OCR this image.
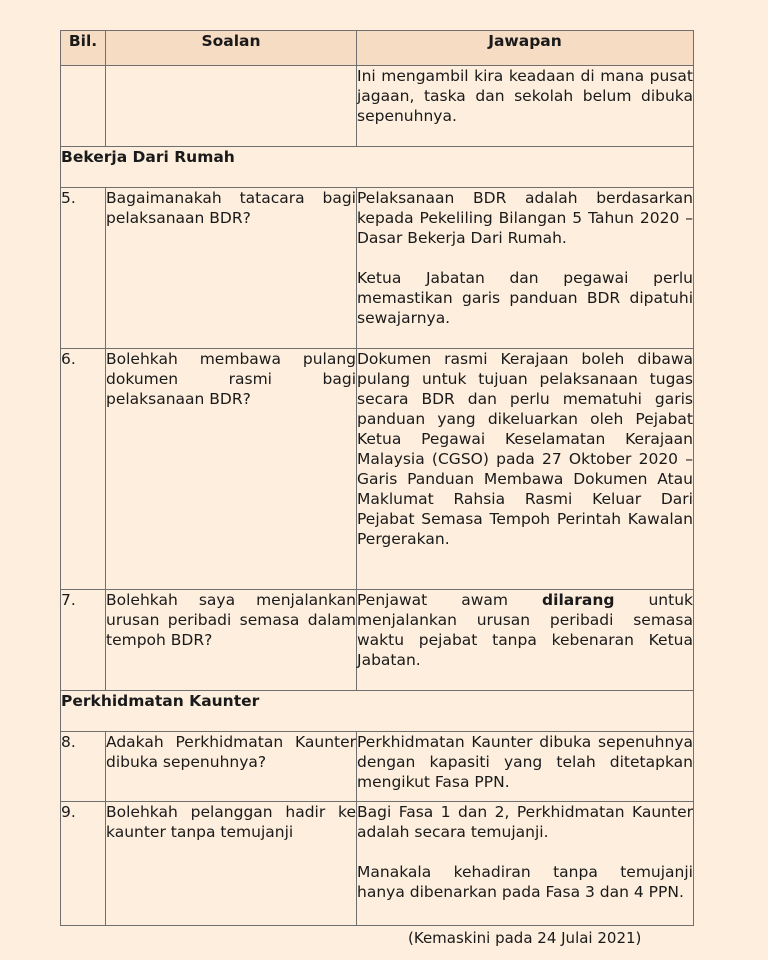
Bil.	Soalan	Jawapan
		Ini mengambil kira keadaan di mana pusat jagaan, taska dan sekolah belum dibuka sepenuhnya.
Bekerja Dari Rumah		
5.	Bagaimanakah tatacara bagi pelaksanaan BDR?	Pelaksanaan BDR adalah berdasarkan kepada Pekeliling Bilangan 5 Tahun 2020 – Dasar Bekerja Dari Rumah.

Ketua Jabatan dan pegawai perlu memastikan garis panduan BDR dipatuhi sewajarnya.

6.	Bolehkah membawa pulang dokumen rasmi bagi pelaksanaan BDR?	Dokumen rasmi Kerajaan boleh dibawa pulang untuk tujuan pelaksanaan tugas secara BDR dan perlu mematuhi garis panduan yang dikeluarkan oleh Pejabat Ketua Pegawai Keselamatan Kerajaan Malaysia (CGSO) pada 27 Oktober 2020 – Garis Panduan Membawa Dokumen Atau Maklumat Rahsia Rasmi Keluar Dari Pejabat Semasa Tempoh Perintah Kawalan Pergerakan.
7.	Bolehkah saya menjalankan urusan peribadi semasa dalam tempoh BDR?	Penjawat awam dilarang untuk menjalankan urusan peribadi semasa waktu pejabat tanpa kebenaran Ketua Jabatan.
Perkhidmatan Kaunter		
8.	Adakah Perkhidmatan Kaunter dibuka sepenuhnya?	Perkhidmatan Kaunter dibuka sepenuhnya dengan kapasiti yang telah ditetapkan mengikut Fasa PPN.
9.	Bolehkah pelanggan hadir ke kaunter tanpa temujanji	Bagi Fasa 1 dan 2, Perkhidmatan Kaunter adalah secara temujanji.

Manakala kehadiran tanpa temujanji hanya dibenarkan pada Fasa 3 dan 4 PPN.

(Kemaskini pada 24 Julai 2021)
